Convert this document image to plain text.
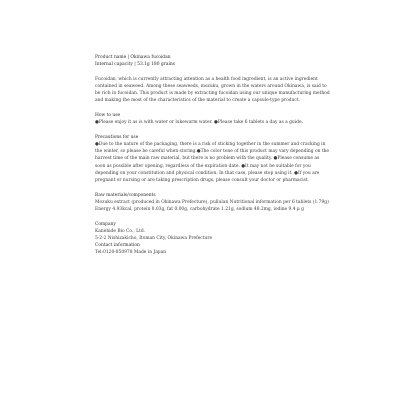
Product name | Okinawa fucoidan

Internal capacity | 53.1g 180 grains

Fucoidan, which is currently attracting attention as a health food ingredient, is an active ingredient contained in seaweed. Among these seaweeds, mozuku, grown in the waters around Okinawa, is said to be rich in fucoidan. This product is made by extracting fucoidan using our unique manufacturing method and making the most of the characteristics of the material to create a capsule-type product.

How to use

●Please enjoy it as is with water or lukewarm water. ●Please take 6 tablets a day as a guide.

Precautions for use

●Due to the nature of the packaging, there is a risk of sticking together in the summer and cracking in the winter, so please be careful when storing.●The color tone of this product may vary depending on the harvest time of the main raw material, but there is no problem with the quality. ●Please consume as soon as possible after opening, regardless of the expiration date. ●It may not be suitable for you depending on your constitution and physical condition. In that case, please stop using it. ●If you are pregnant or nursing or are taking prescription drugs, please consult your doctor or pharmacist.

Raw materials/components

Mozuku extract (produced in Okinawa Prefecture), pullulan Nutritional information per 6 tablets (1.79g) Energy 4.93kcal, protein 0.03g, fat 0.00g, carbohydrate 1.21g, sodium 48.2mg, iodine 9.4 μ g

Company

Kanehide Bio Co., Ltd.

5-2-2 Nishizakicho, Itoman City, Okinawa Prefecture

Contact information

Tel:0120-850978 Made in Japan
